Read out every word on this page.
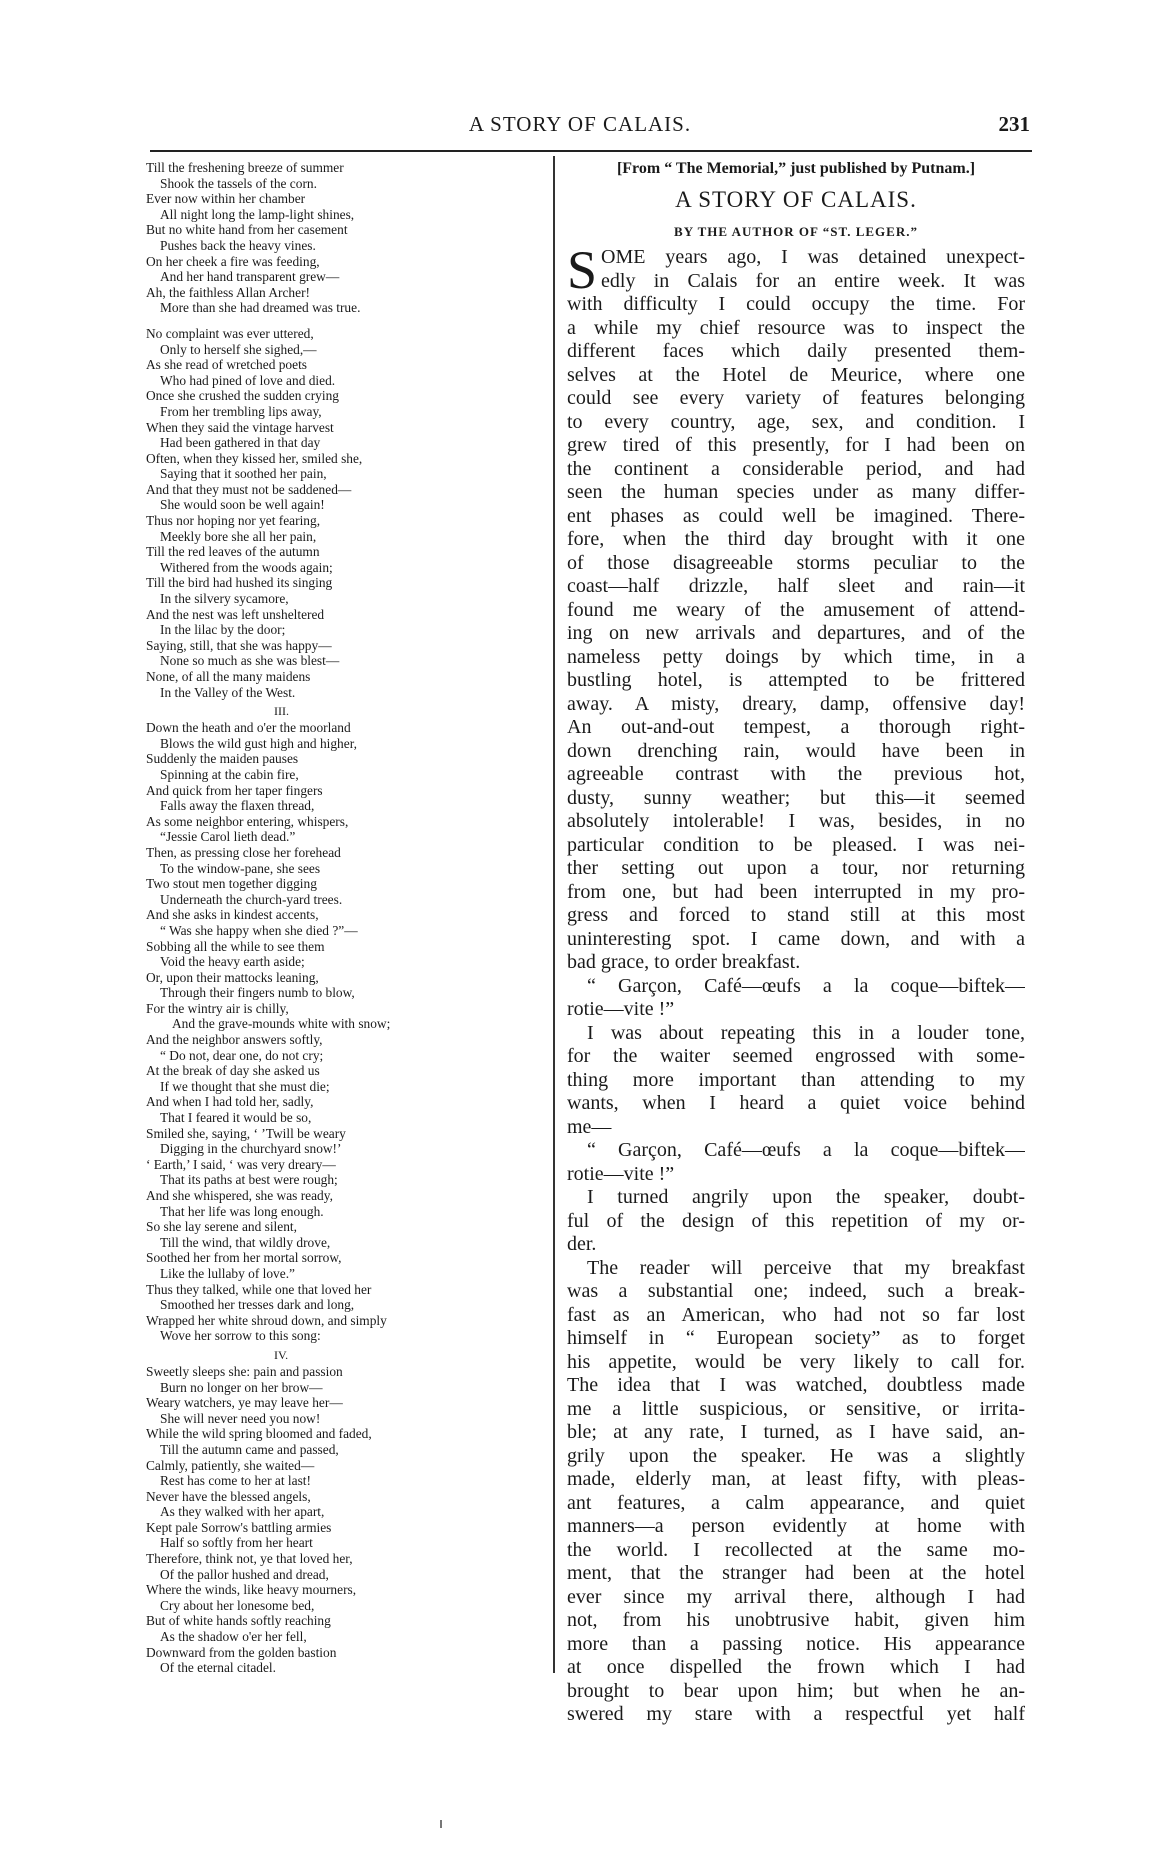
A STORY OF CALAIS.	231
Till the freshening breeze of summer
Shook the tassels of the corn.
Ever now within her chamber
All night long the lamp-light shines,
But no white hand from her casement
Pushes back the heavy vines.
On her cheek a fire was feeding,
And her hand transparent grew—
Ah, the faithless Allan Archer!
More than she had dreamed was true.
No complaint was ever uttered,
Only to herself she sighed,—
As she read of wretched poets
Who had pined of love and died.
Once she crushed the sudden crying
From her trembling lips away,
When they said the vintage harvest
Had been gathered in that day
Often, when they kissed her, smiled she,
Saying that it soothed her pain,
And that they must not be saddened—
She would soon be well again!
Thus nor hoping nor yet fearing,
Meekly bore she all her pain,
Till the red leaves of the autumn
Withered from the woods again;
Till the bird had hushed its singing
In the silvery sycamore,
And the nest was left unsheltered
In the lilac by the door;
Saying, still, that she was happy—
None so much as she was blest—
None, of all the many maidens
In the Valley of the West.
III.
Down the heath and o'er the moorland
Blows the wild gust high and higher,
Suddenly the maiden pauses
Spinning at the cabin fire,
And quick from her taper fingers
Falls away the flaxen thread,
As some neighbor entering, whispers,
“Jessie Carol lieth dead.”
Then, as pressing close her forehead
To the window-pane, she sees
Two stout men together digging
Underneath the church-yard trees.
And she asks in kindest accents,
“ Was she happy when she died ?”—
Sobbing all the while to see them
Void the heavy earth aside;
Or, upon their mattocks leaning,
Through their fingers numb to blow,
For the wintry air is chilly,
And the grave-mounds white with snow;
And the neighbor answers softly,
“ Do not, dear one, do not cry;
At the break of day she asked us
If we thought that she must die;
And when I had told her, sadly,
That I feared it would be so,
Smiled she, saying, ‘ ’Twill be weary
Digging in the churchyard snow!’
‘ Earth,’ I said, ‘ was very dreary—
That its paths at best were rough;
And she whispered, she was ready,
That her life was long enough.
So she lay serene and silent,
Till the wind, that wildly drove,
Soothed her from her mortal sorrow,
Like the lullaby of love.”
Thus they talked, while one that loved her
Smoothed her tresses dark and long,
Wrapped her white shroud down, and simply
Wove her sorrow to this song:
IV.
Sweetly sleeps she: pain and passion
Burn no longer on her brow—
Weary watchers, ye may leave her—
She will never need you now!
While the wild spring bloomed and faded,
Till the autumn came and passed,
Calmly, patiently, she waited—
Rest has come to her at last!
Never have the blessed angels,
As they walked with her apart,
Kept pale Sorrow's battling armies
Half so softly from her heart
Therefore, think not, ye that loved her,
Of the pallor hushed and dread,
Where the winds, like heavy mourners,
Cry about her lonesome bed,
But of white hands softly reaching
As the shadow o'er her fell,
Downward from the golden bastion
Of the eternal citadel.
[From “ The Memorial,” just published by Putnam.]
A STORY OF CALAIS.
BY THE AUTHOR OF “ST. LEGER.”
S OME years ago, I was detained unexpect-
edly in Calais for an entire week. It was
with difficulty I could occupy the time. For
a while my chief resource was to inspect the
different faces which daily presented them-
selves at the Hotel de Meurice, where one
could see every variety of features belonging
to every country, age, sex, and condition. I
grew tired of this presently, for I had been on
the continent a considerable period, and had
seen the human species under as many differ-
ent phases as could well be imagined. There-
fore, when the third day brought with it one
of those disagreeable storms peculiar to the
coast—half drizzle, half sleet and rain—it
found me weary of the amusement of attend-
ing on new arrivals and departures, and of the
nameless petty doings by which time, in a
bustling hotel, is attempted to be frittered
away. A misty, dreary, damp, offensive day!
An out-and-out tempest, a thorough right-
down drenching rain, would have been in
agreeable contrast with the previous hot,
dusty, sunny weather; but this—it seemed
absolutely intolerable! I was, besides, in no
particular condition to be pleased. I was nei-
ther setting out upon a tour, nor returning
from one, but had been interrupted in my pro-
gress and forced to stand still at this most
uninteresting spot. I came down, and with a
bad grace, to order breakfast.
“ Garçon, Café—œufs a la coque—biftek—
rotie—vite !”
I was about repeating this in a louder tone,
for the waiter seemed engrossed with some-
thing more important than attending to my
wants, when I heard a quiet voice behind
me—
“ Garçon, Café—œufs a la coque—biftek—
rotie—vite !”
I turned angrily upon the speaker, doubt-
ful of the design of this repetition of my or-
der.
The reader will perceive that my breakfast
was a substantial one; indeed, such a break-
fast as an American, who had not so far lost
himself in “ European society” as to forget
his appetite, would be very likely to call for.
The idea that I was watched, doubtless made
me a little suspicious, or sensitive, or irrita-
ble; at any rate, I turned, as I have said, an-
grily upon the speaker. He was a slightly
made, elderly man, at least fifty, with pleas-
ant features, a calm appearance, and quiet
manners—a person evidently at home with
the world. I recollected at the same mo-
ment, that the stranger had been at the hotel
ever since my arrival there, although I had
not, from his unobtrusive habit, given him
more than a passing notice. His appearance
at once dispelled the frown which I had
brought to bear upon him; but when he an-
swered my stare with a respectful yet half
